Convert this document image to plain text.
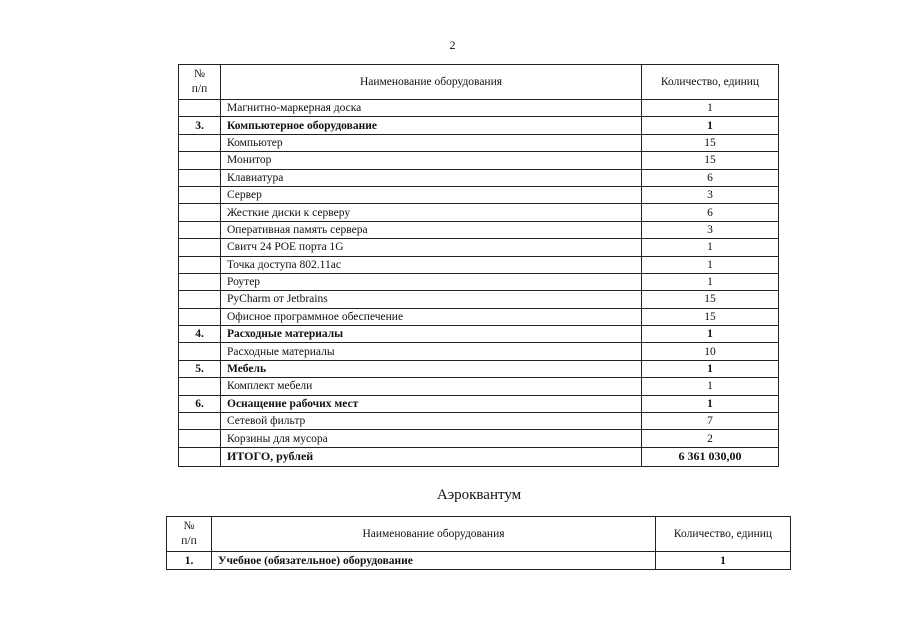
2
№
п/п	Наименование оборудования	Количество, единиц
	Магнитно-маркерная доска	1
3.	Компьютерное оборудование	1
	Компьютер	15
	Монитор	15
	Клавиатура	6
	Сервер	3
	Жесткие диски к серверу	6
	Оперативная память сервера	3
	Свитч 24 POE порта 1G	1
	Точка доступа 802.11ac	1
	Роутер	1
	PyCharm от Jetbrains	15
	Офисное программное обеспечение	15
4.	Расходные материалы	1
	Расходные материалы	10
5.	Мебель	1
	Комплект мебели	1
6.	Оснащение рабочих мест	1
	Сетевой фильтр	7
	Корзины для мусора	2
	ИТОГО, рублей	6 361 030,00
Аэроквантум
№
п/п	Наименование оборудования	Количество, единиц
1.	Учебное (обязательное) оборудование	1
